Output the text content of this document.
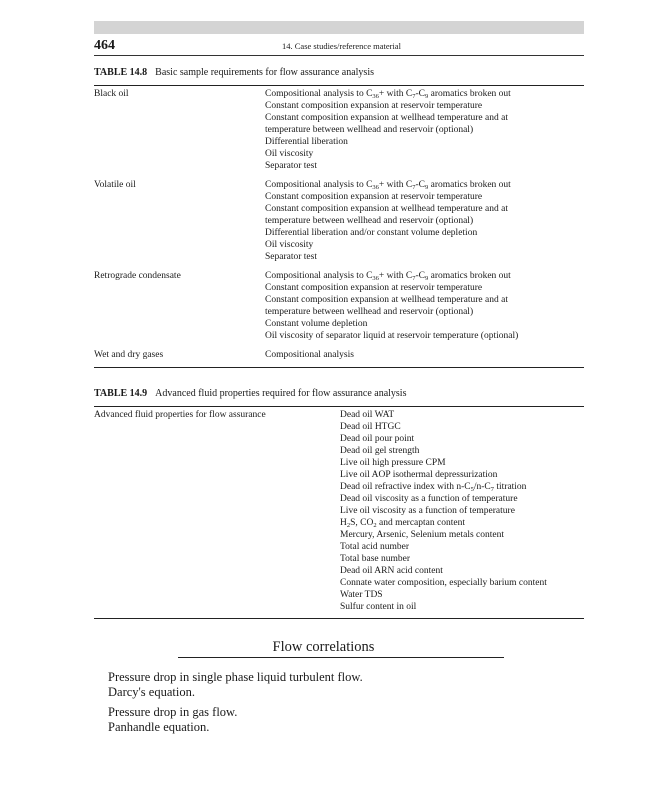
464	14. Case studies/reference material
TABLE 14.8 Basic sample requirements for flow assurance analysis
Black oil	Compositional analysis to $C_{36}+$ with $C_7-C_9$ aromatics broken out
Constant composition expansion at reservoir temperature
Constant composition expansion at wellhead temperature and at
temperature between wellhead and reservoir (optional)
Differential liberation
Oil viscosity
Separator test
Volatile oil	Compositional analysis to $C_{36}+$ with $C_7-C_9$ aromatics broken out
Constant composition expansion at reservoir temperature
Constant composition expansion at wellhead temperature and at
temperature between wellhead and reservoir (optional)
Differential liberation and/or constant volume depletion
Oil viscosity
Separator test
Retrograde condensate	Compositional analysis to $C_{36}+$ with $C_7-C_9$ aromatics broken out
Constant composition expansion at reservoir temperature
Constant composition expansion at wellhead temperature and at
temperature between wellhead and reservoir (optional)
Constant volume depletion
Oil viscosity of separator liquid at reservoir temperature (optional)
Wet and dry gases	Compositional analysis
TABLE 14.9 Advanced fluid properties required for flow assurance analysis
Advanced fluid properties for flow assurance	Dead oil WAT
Dead oil HTGC
Dead oil pour point
Dead oil gel strength
Live oil high pressure CPM
Live oil AOP isothermal depressurization
Dead oil refractive index with $n-C_5/n-C_7$ titration
Dead oil viscosity as a function of temperature
Live oil viscosity as a function of temperature
$H_2S$, $CO_2$ and mercaptan content
Mercury, Arsenic, Selenium metals content
Total acid number
Total base number
Dead oil ARN acid content
Connate water composition, especially barium content
Water TDS
Sulfur content in oil
Flow correlations
Pressure drop in single phase liquid turbulent flow.
Darcy's equation.
Pressure drop in gas flow.
Panhandle equation.
